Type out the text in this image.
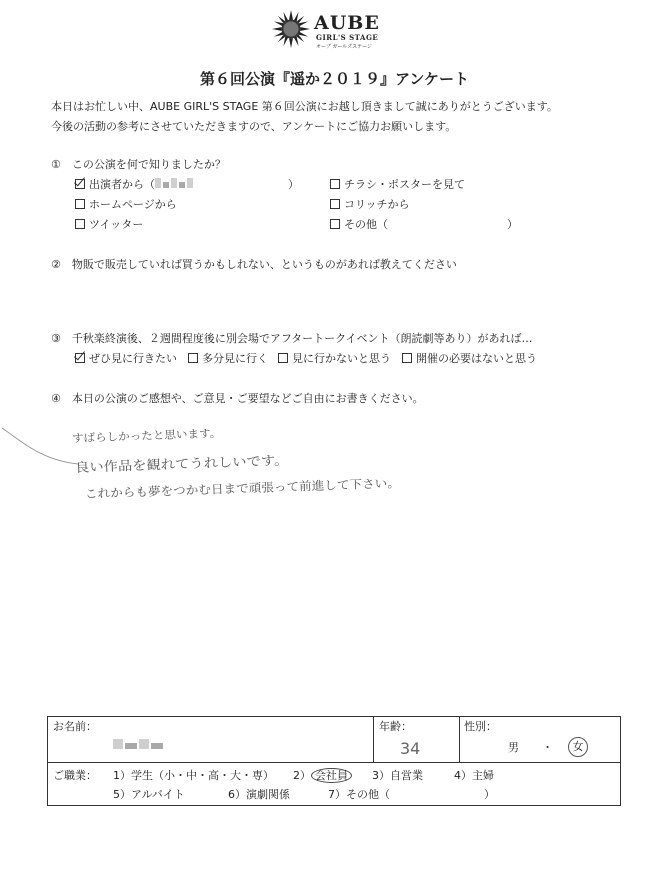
AUBE
GIRL'S STAGE
オーブ ガールズステージ
第６回公演『遥か２０１９』アンケート
本日はお忙しい中、AUBE GIRL'S STAGE 第６回公演にお越し頂きまして誠にありがとうございます。
今後の活動の参考にさせていただきますので、アンケートにご協力お願いします。
①　この公演を何で知りましたか？
出演者から（	）
ホームページから
ツイッター
チラシ・ポスターを見て
コリッチから
その他（	）
②　物販で販売していれば買うかもしれない、というものがあれば教えてください
③　千秋楽終演後、２週間程度後に別会場でアフタートークイベント（朗読劇等あり）があれば…
ぜひ見に行きたい	多分見に行く	見に行かないと思う	開催の必要はないと思う
④　本日の公演のご感想や、ご意見・ご要望などご自由にお書きください。
すばらしかったと思います。
良い作品を観れてうれしいです。
これからも夢をつかむ日まで頑張って前進して下さい。
お名前：	年齢：
34
性別：
男 ・	女
ご職業： 1）学生（小・中・高・大・専） 2） 会社員	3）自営業	4）主婦
5）アルバイト	6）演劇関係	7）その他（	）
